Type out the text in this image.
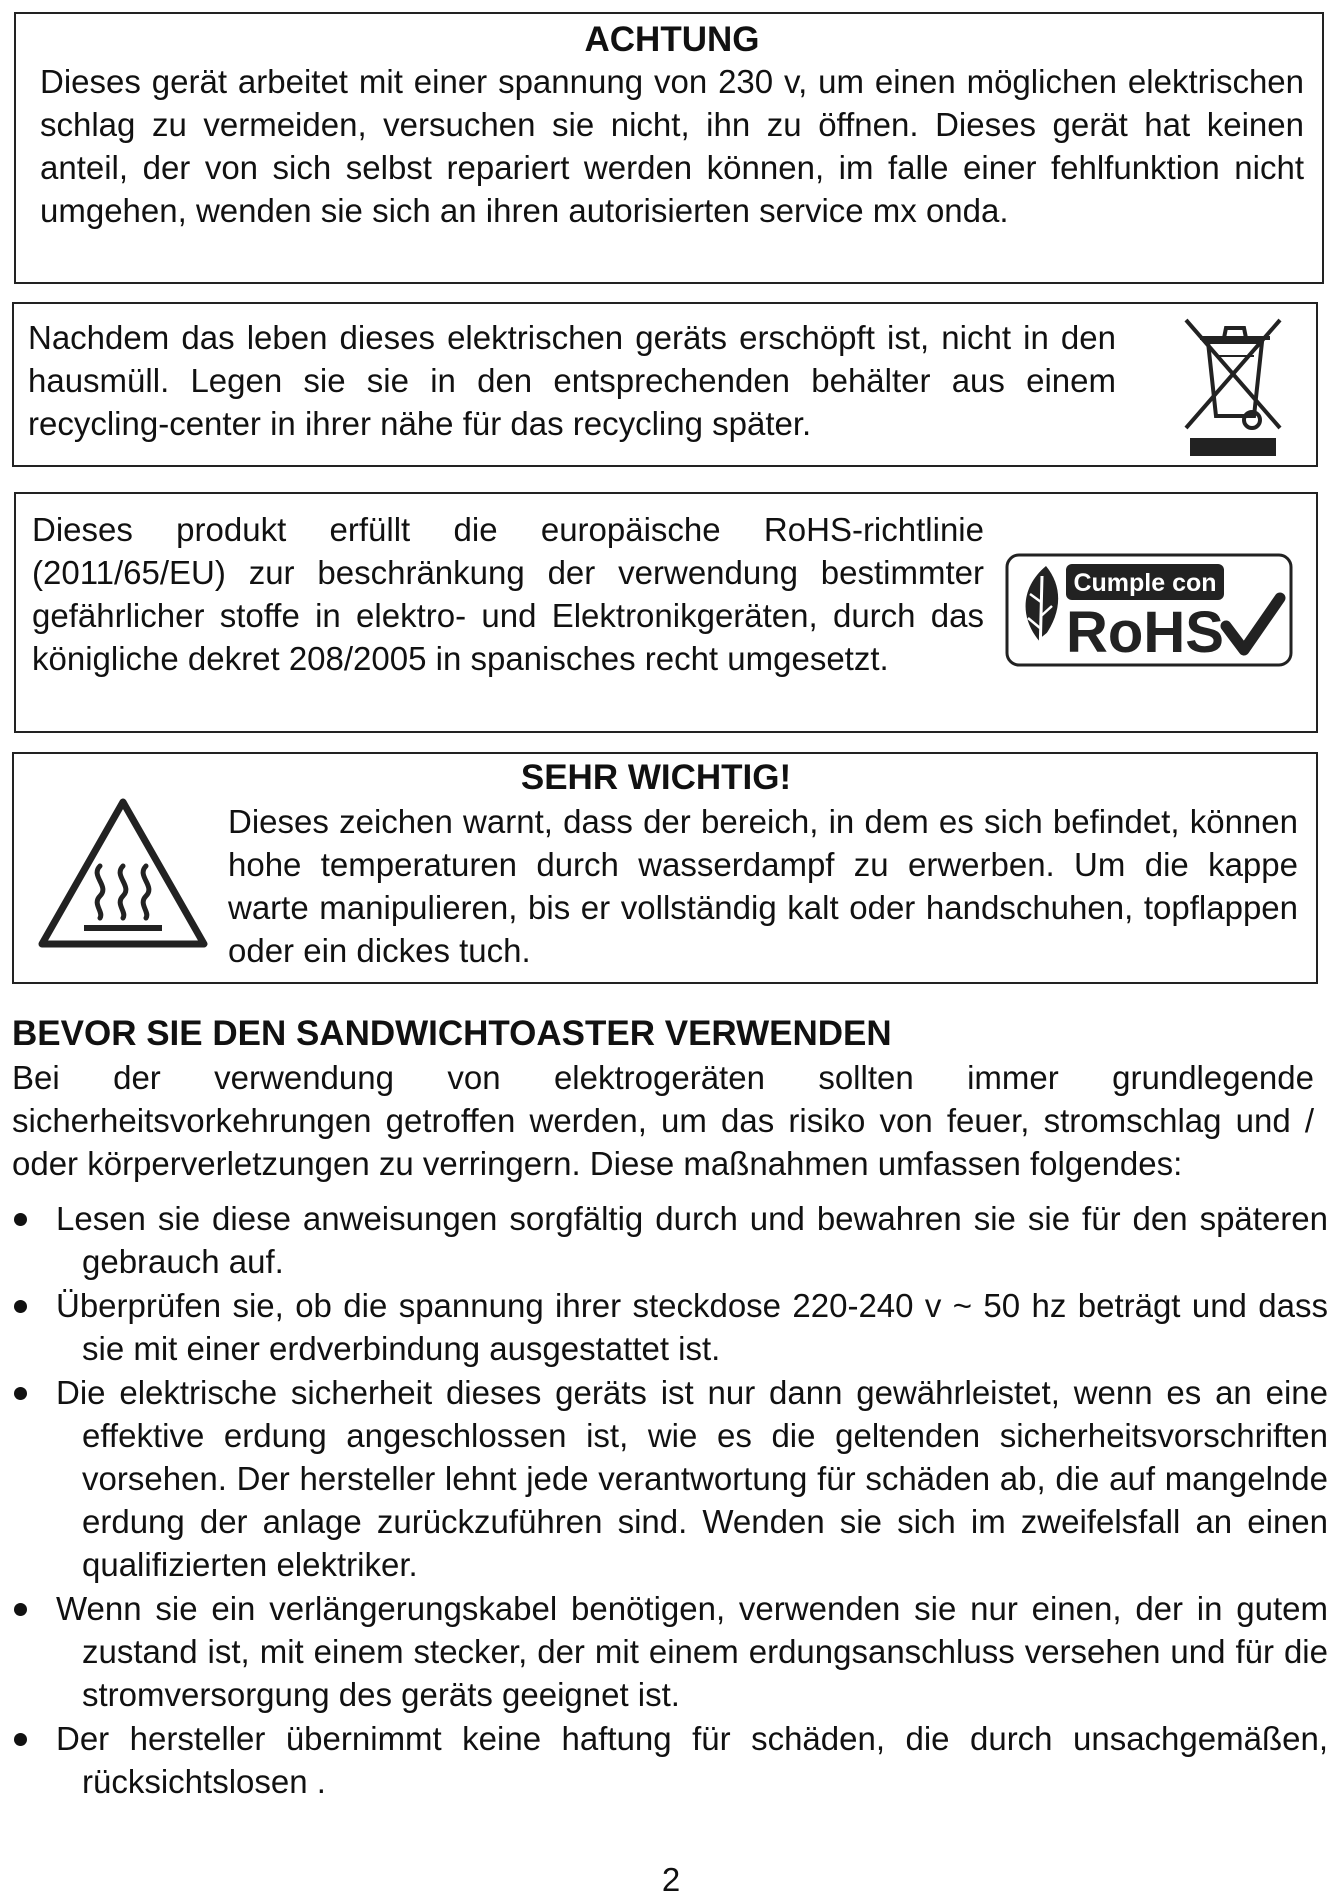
ACHTUNG

Dieses gerät arbeitet mit einer spannung von 230 v, um einen möglichen elektrischen schlag zu vermeiden, versuchen sie nicht, ihn zu öffnen. Dieses gerät hat keinen anteil, der von sich selbst repariert werden können, im falle einer fehlfunktion nicht umgehen, wenden sie sich an ihren autorisierten service mx onda.

Nachdem das leben dieses elektrischen geräts erschöpft ist, nicht in den hausmüll. Legen sie sie in den entsprechenden behälter aus einem recycling-center in ihrer nähe für das recycling später.

Dieses produkt erfüllt die europäische RoHS-richtlinie (2011/65/EU) zur beschränkung der verwendung bestimmter gefährlicher stoffe in elektro- und Elektronikgeräten, durch das königliche dekret 208/2005 in spanisches recht umgesetzt.

Cumple con
RoHS

SEHR WICHTIG!

Dieses zeichen warnt, dass der bereich, in dem es sich befindet, können hohe temperaturen durch wasserdampf zu erwerben. Um die kappe warte manipulieren, bis er vollständig kalt oder handschuhen, topflappen oder ein dickes tuch.

BEVOR SIE DEN SANDWICHTOASTER VERWENDEN

Bei der verwendung von elektrogeräten sollten immer grundlegende sicherheitsvorkehrungen getroffen werden, um das risiko von feuer, stromschlag und / oder körperverletzungen zu verringern. Diese maßnahmen umfassen folgendes:

Lesen sie diese anweisungen sorgfältig durch und bewahren sie sie für den späteren gebrauch auf.
Überprüfen sie, ob die spannung ihrer steckdose 220-240 v ~ 50 hz beträgt und dass sie mit einer erdverbindung ausgestattet ist.
Die elektrische sicherheit dieses geräts ist nur dann gewährleistet, wenn es an eine effektive erdung angeschlossen ist, wie es die geltenden sicherheitsvorschriften vorsehen. Der hersteller lehnt jede verantwortung für schäden ab, die auf mangelnde erdung der anlage zurückzuführen sind. Wenden sie sich im zweifelsfall an einen qualifizierten elektriker.
Wenn sie ein verlängerungskabel benötigen, verwenden sie nur einen, der in gutem zustand ist, mit einem stecker, der mit einem erdungsanschluss versehen und für die stromversorgung des geräts geeignet ist.
Der hersteller übernimmt keine haftung für schäden, die durch unsachgemäßen, rücksichtslosen .

2
